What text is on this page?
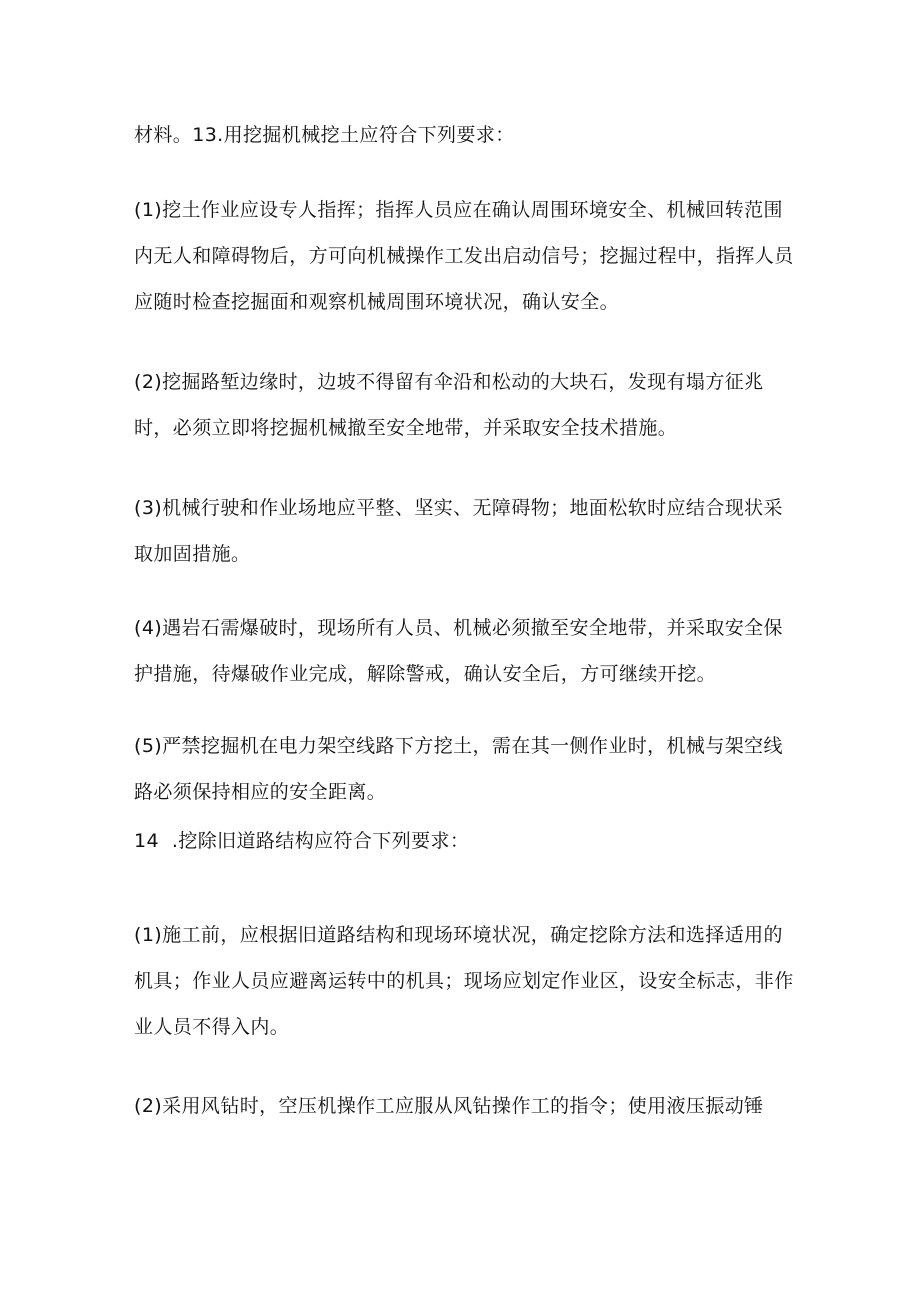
材料。13.用挖掘机械挖土应符合下列要求：

(1)挖土作业应设专人指挥；指挥人员应在确认周围环境安全、机械回转范围内无人和障碍物后，方可向机械操作工发出启动信号；挖掘过程中，指挥人员应随时检查挖掘面和观察机械周围环境状况，确认安全。

(2)挖掘路堑边缘时，边坡不得留有伞沿和松动的大块石，发现有塌方征兆时，必须立即将挖掘机械撤至安全地带，并采取安全技术措施。

(3)机械行驶和作业场地应平整、坚实、无障碍物；地面松软时应结合现状采取加固措施。

(4)遇岩石需爆破时，现场所有人员、机械必须撤至安全地带，并采取安全保护措施，待爆破作业完成，解除警戒，确认安全后，方可继续开挖。

(5)严禁挖掘机在电力架空线路下方挖土，需在其一侧作业时，机械与架空线路必须保持相应的安全距离。

14  .挖除旧道路结构应符合下列要求：

(1)施工前，应根据旧道路结构和现场环境状况，确定挖除方法和选择适用的机具；作业人员应避离运转中的机具；现场应划定作业区，设安全标志，非作业人员不得入内。

(2)采用风钻时，空压机操作工应服从风钻操作工的指令；使用液压振动锤
